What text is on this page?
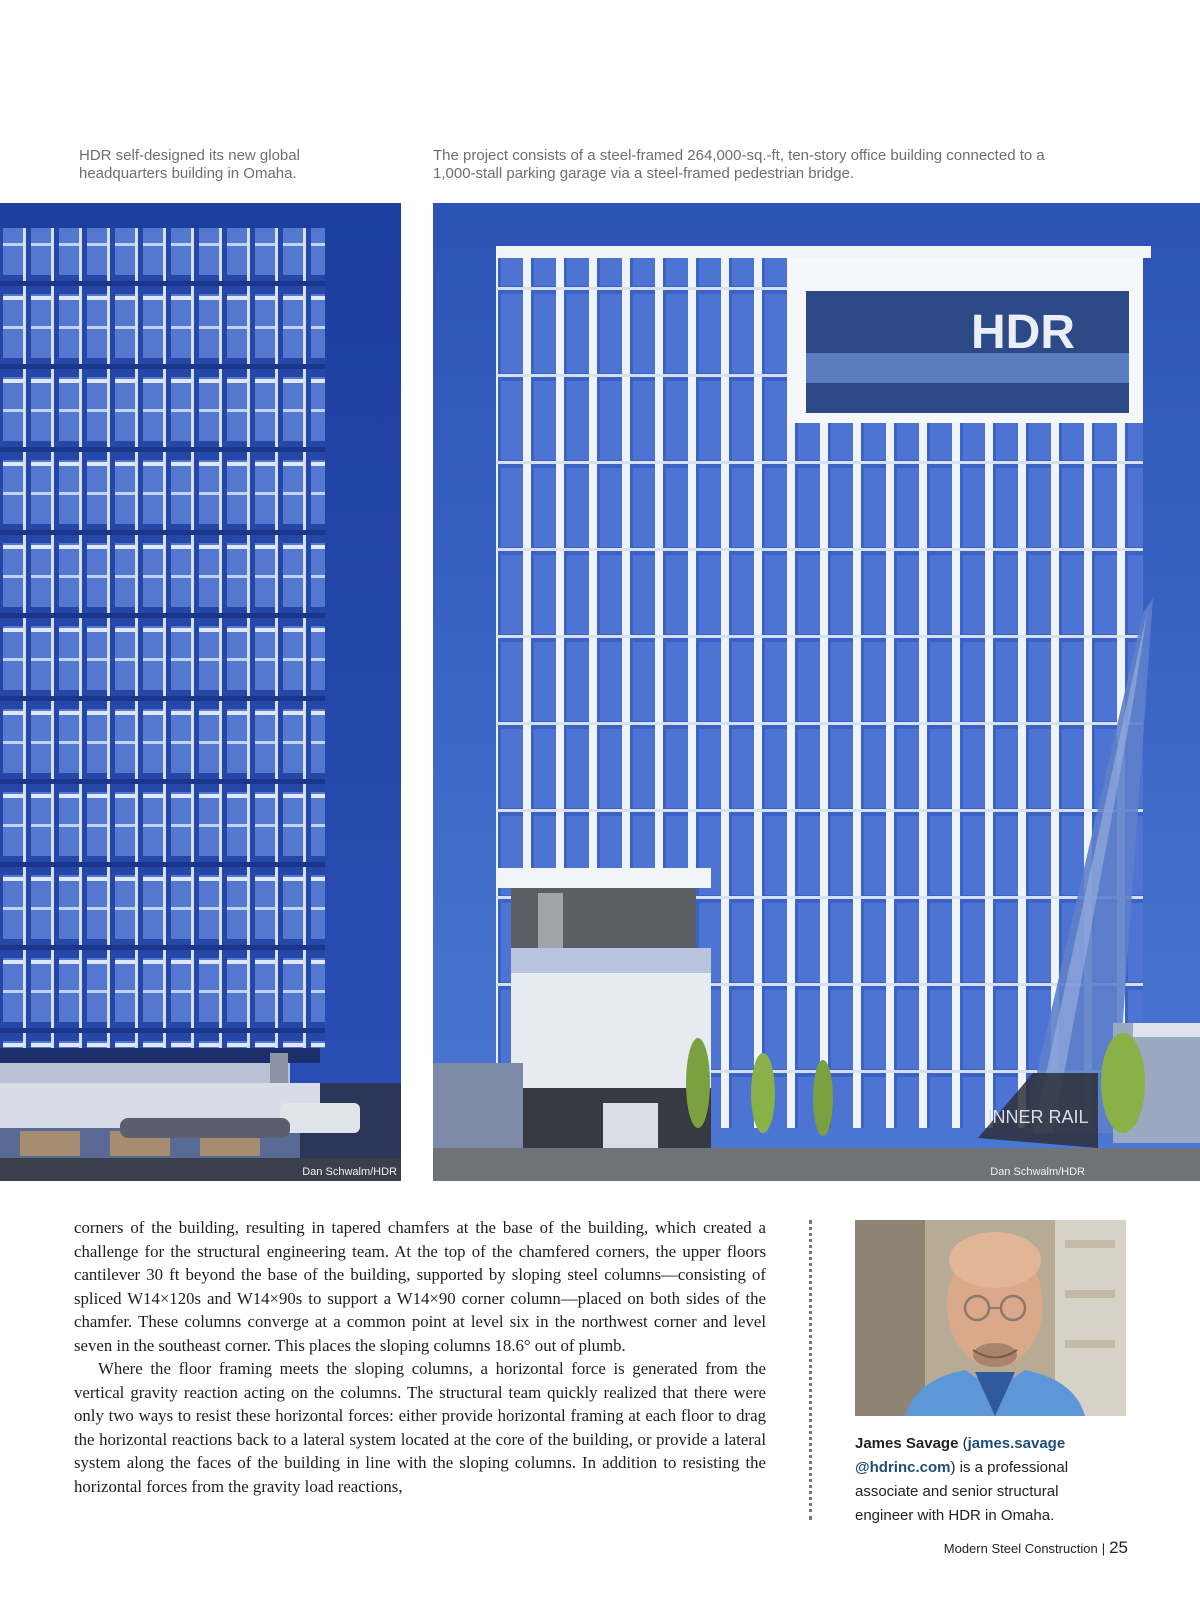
HDR self-designed its new global headquarters building in Omaha.
The project consists of a steel-framed 264,000-sq.-ft, ten-story office building connected to a 1,000-stall parking garage via a steel-framed pedestrian bridge.
Dan Schwalm/HDR
HDR
INNER RAIL
Dan Schwalm/HDR

corners of the building, resulting in tapered chamfers at the base of the building, which created a challenge for the structural engineering team. At the top of the chamfered corners, the upper floors cantilever 30 ft beyond the base of the building, supported by sloping steel columns—consisting of spliced W14×120s and W14×90s to support a W14×90 corner column—placed on both sides of the chamfer. These columns converge at a common point at level six in the northwest corner and level seven in the southeast corner. This places the sloping columns 18.6° out of plumb.

Where the floor framing meets the sloping columns, a horizontal force is generated from the vertical gravity reaction acting on the columns. The structural team quickly realized that there were only two ways to resist these horizontal forces: either provide horizontal framing at each floor to drag the horizontal reactions back to a lateral system located at the core of the building, or provide a lateral system along the faces of the building in line with the sloping columns. In addition to resisting the horizontal forces from the gravity load reactions,

James Savage (james.savage
@hdrinc.com) is a professional associate and senior structural engineer with HDR in Omaha.
Modern Steel Construction | 25
